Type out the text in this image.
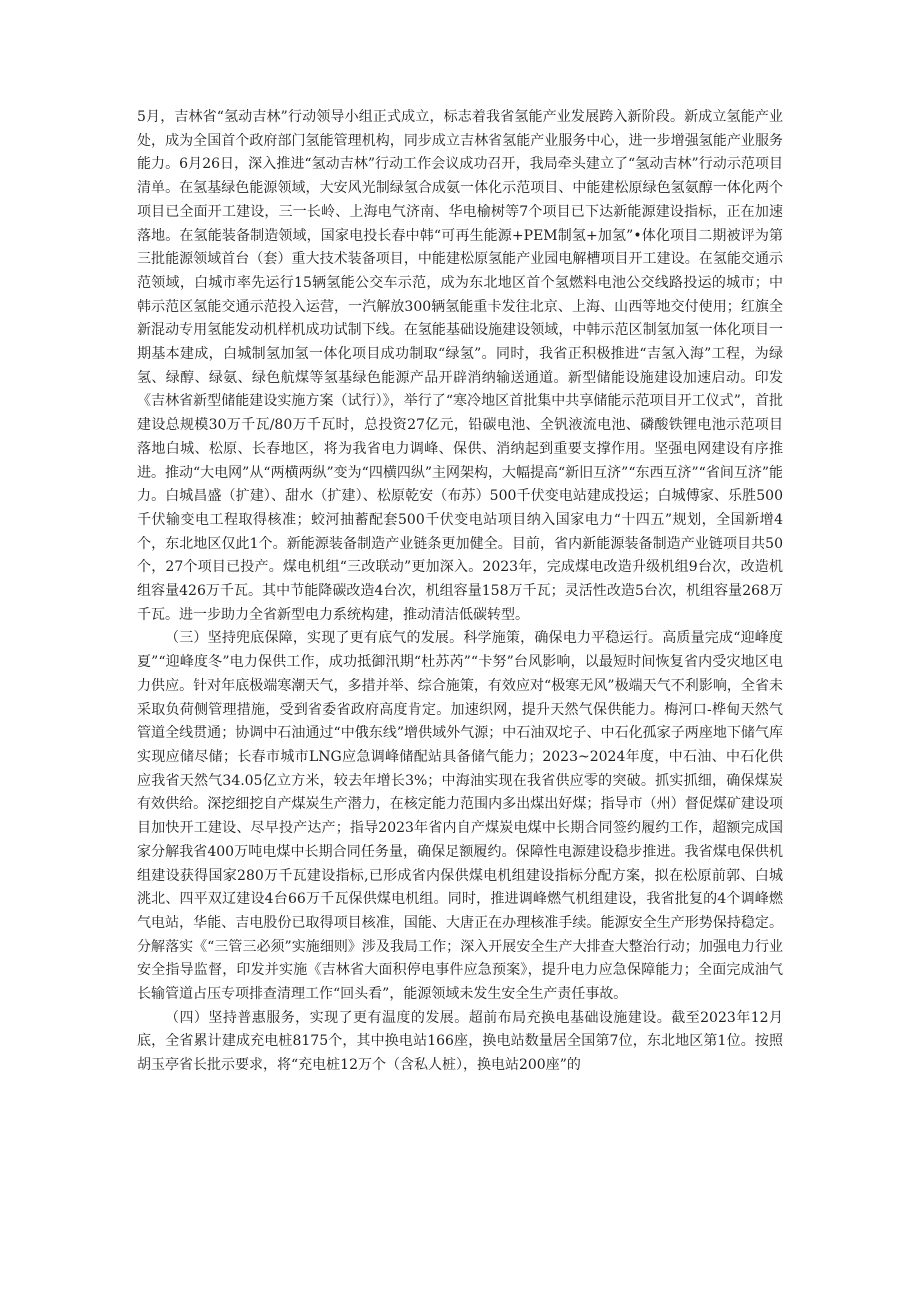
5月，吉林省“氢动吉林”行动领导小组正式成立，标志着我省氢能产业发展跨入新阶段。新成立氢能产业处，成为全国首个政府部门氢能管理机构，同步成立吉林省氢能产业服务中心，进一步增强氢能产业服务能力。6月26日，深入推进“氢动吉林”行动工作会议成功召开，我局牵头建立了“氢动吉林”行动示范项目清单。在氢基绿色能源领域，大安风光制绿氢合成氨一体化示范项目、中能建松原绿色氢氨醇一体化两个项目已全面开工建设，三一长岭、上海电气济南、华电榆树等7个项目已下达新能源建设指标，正在加速落地。在氢能装备制造领域，国家电投长春中韩“可再生能源+PEM制氢+加氢”•体化项目二期被评为第三批能源领域首台（套）重大技术装备项目，中能建松原氢能产业园电解槽项目开工建设。在氢能交通示范领域，白城市率先运行15辆氢能公交车示范，成为东北地区首个氢燃料电池公交线路投运的城市；中韩示范区氢能交通示范投入运营，一汽解放300辆氢能重卡发往北京、上海、山西等地交付使用；红旗全新混动专用氢能发动机样机成功试制下线。在氢能基础设施建设领域，中韩示范区制氢加氢一体化项目一期基本建成，白城制氢加氢一体化项目成功制取“绿氢”。同时，我省正积极推进“吉氢入海”工程，为绿氢、绿醇、绿氨、绿色航煤等氢基绿色能源产品开辟消纳输送通道。新型储能设施建设加速启动。印发《吉林省新型储能建设实施方案（试行）》，举行了“寒冷地区首批集中共享储能示范项目开工仪式”，首批建设总规模30万千瓦/80万千瓦时，总投资27亿元，铅碳电池、全钒液流电池、磷酸铁锂电池示范项目落地白城、松原、长春地区，将为我省电力调峰、保供、消纳起到重要支撑作用。坚强电网建设有序推进。推动“大电网”从“两横两纵”变为“四横四纵”主网架构，大幅提高“新旧互济”“东西互济”“省间互济”能力。白城昌盛（扩建）、甜水（扩建）、松原乾安（布苏）500千伏变电站建成投运；白城傅家、乐胜500千伏输变电工程取得核准；蛟河抽蓄配套500千伏变电站项目纳入国家电力“十四五”规划，全国新增4个，东北地区仅此1个。新能源装备制造产业链条更加健全。目前，省内新能源装备制造产业链项目共50个，27个项目已投产。煤电机组“三改联动”更加深入。2023年，完成煤电改造升级机组9台次，改造机组容量426万千瓦。其中节能降碳改造4台次，机组容量158万千瓦；灵活性改造5台次，机组容量268万千瓦。进一步助力全省新型电力系统构建，推动清洁低碳转型。

（三）坚持兜底保障，实现了更有底气的发展。科学施策，确保电力平稳运行。高质量完成“迎峰度夏”“迎峰度冬”电力保供工作，成功抵御汛期“杜苏芮”“卡努”台风影响，以最短时间恢复省内受灾地区电力供应。针对年底极端寒潮天气，多措并举、综合施策，有效应对“极寒无风”极端天气不利影响，全省未采取负荷侧管理措施，受到省委省政府高度肯定。加速织网，提升天然气保供能力。梅河口-桦甸天然气管道全线贯通；协调中石油通过“中俄东线”增供域外气源；中石油双坨子、中石化孤家子两座地下储气库实现应储尽储；长春市城市LNG应急调峰储配站具备储气能力；2023~2024年度，中石油、中石化供应我省天然气34.05亿立方米，较去年增长3%；中海油实现在我省供应零的突破。抓实抓细，确保煤炭有效供给。深挖细挖自产煤炭生产潜力，在核定能力范围内多出煤出好煤；指导市（州）督促煤矿建设项目加快开工建设、尽早投产达产；指导2023年省内自产煤炭电煤中长期合同签约履约工作，超额完成国家分解我省400万吨电煤中长期合同任务量，确保足额履约。保障性电源建设稳步推进。我省煤电保供机组建设获得国家280万千瓦建设指标,已形成省内保供煤电机组建设指标分配方案，拟在松原前郭、白城洮北、四平双辽建设4台66万千瓦保供煤电机组。同时，推进调峰燃气机组建设，我省批复的4个调峰燃气电站，华能、吉电股份已取得项目核准，国能、大唐正在办理核准手续。能源安全生产形势保持稳定。分解落实《“三管三必须”实施细则》涉及我局工作；深入开展安全生产大排查大整治行动；加强电力行业安全指导监督，印发并实施《吉林省大面积停电事件应急预案》，提升电力应急保障能力；全面完成油气长输管道占压专项排查清理工作“回头看”，能源领域未发生安全生产责任事故。

（四）坚持普惠服务，实现了更有温度的发展。超前布局充换电基础设施建设。截至2023年12月底，全省累计建成充电桩8175个，其中换电站166座，换电站数量居全国第7位，东北地区第1位。按照胡玉亭省长批示要求，将“充电桩12万个（含私人桩），换电站200座”的
